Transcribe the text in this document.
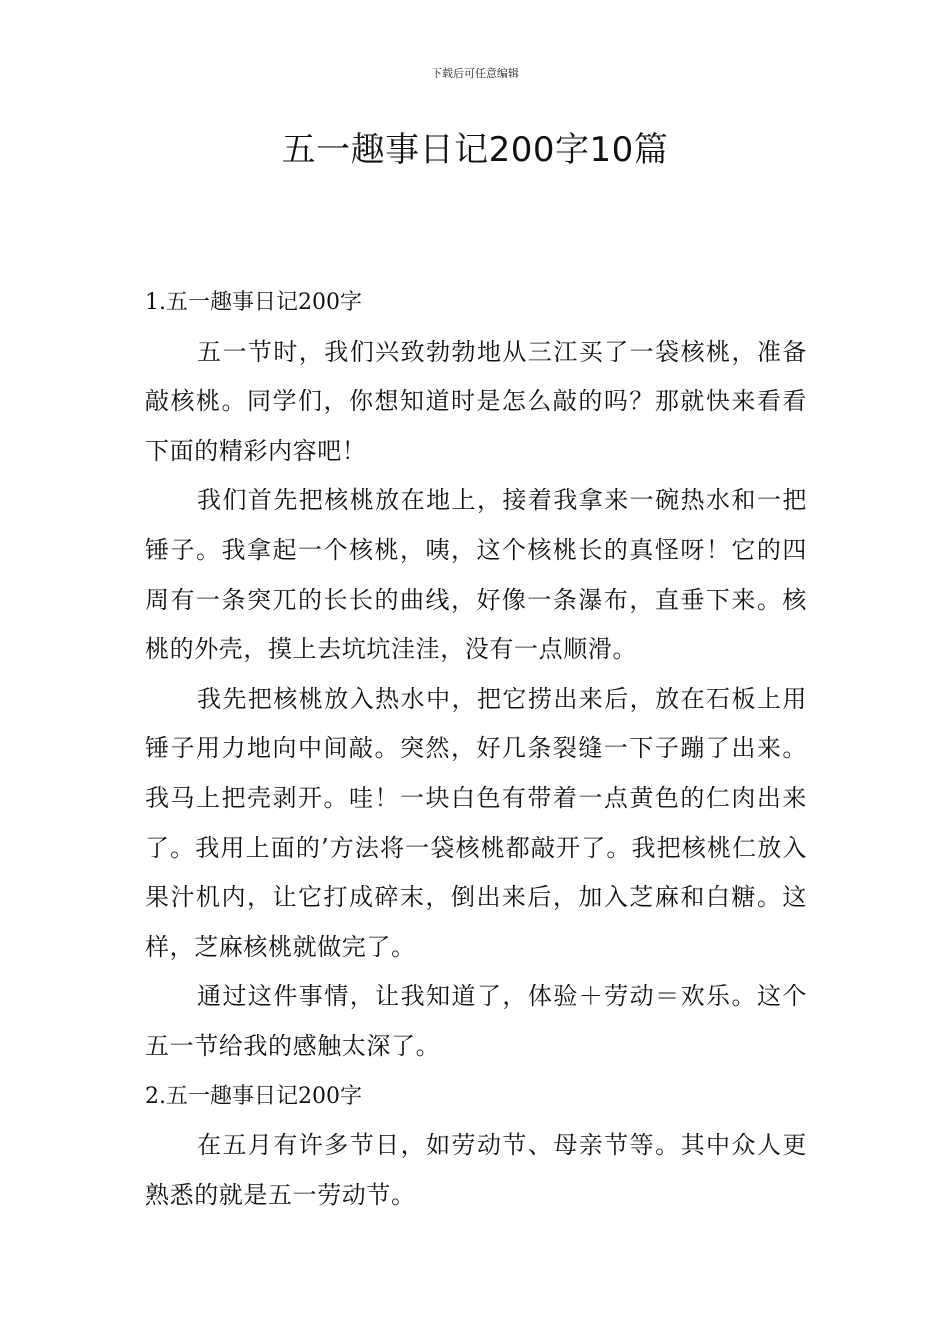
下载后可任意编辑
五一趣事日记200字10篇
1.五一趣事日记200字

五一节时，我们兴致勃勃地从三江买了一袋核桃，准备敲核桃。同学们，你想知道时是怎么敲的吗？那就快来看看下面的精彩内容吧！

我们首先把核桃放在地上，接着我拿来一碗热水和一把锤子。我拿起一个核桃，咦，这个核桃长的真怪呀！它的四周有一条突兀的长长的曲线，好像一条瀑布，直垂下来。核桃的外壳，摸上去坑坑洼洼，没有一点顺滑。

我先把核桃放入热水中，把它捞出来后，放在石板上用锤子用力地向中间敲。突然，好几条裂缝一下子蹦了出来。我马上把壳剥开。哇！一块白色有带着一点黄色的仁肉出来了。我用上面的’方法将一袋核桃都敲开了。我把核桃仁放入果汁机内，让它打成碎末，倒出来后，加入芝麻和白糖。这样，芝麻核桃就做完了。

通过这件事情，让我知道了，体验＋劳动＝欢乐。这个五一节给我的感触太深了。

2.五一趣事日记200字

在五月有许多节日，如劳动节、母亲节等。其中众人更熟悉的就是五一劳动节。
